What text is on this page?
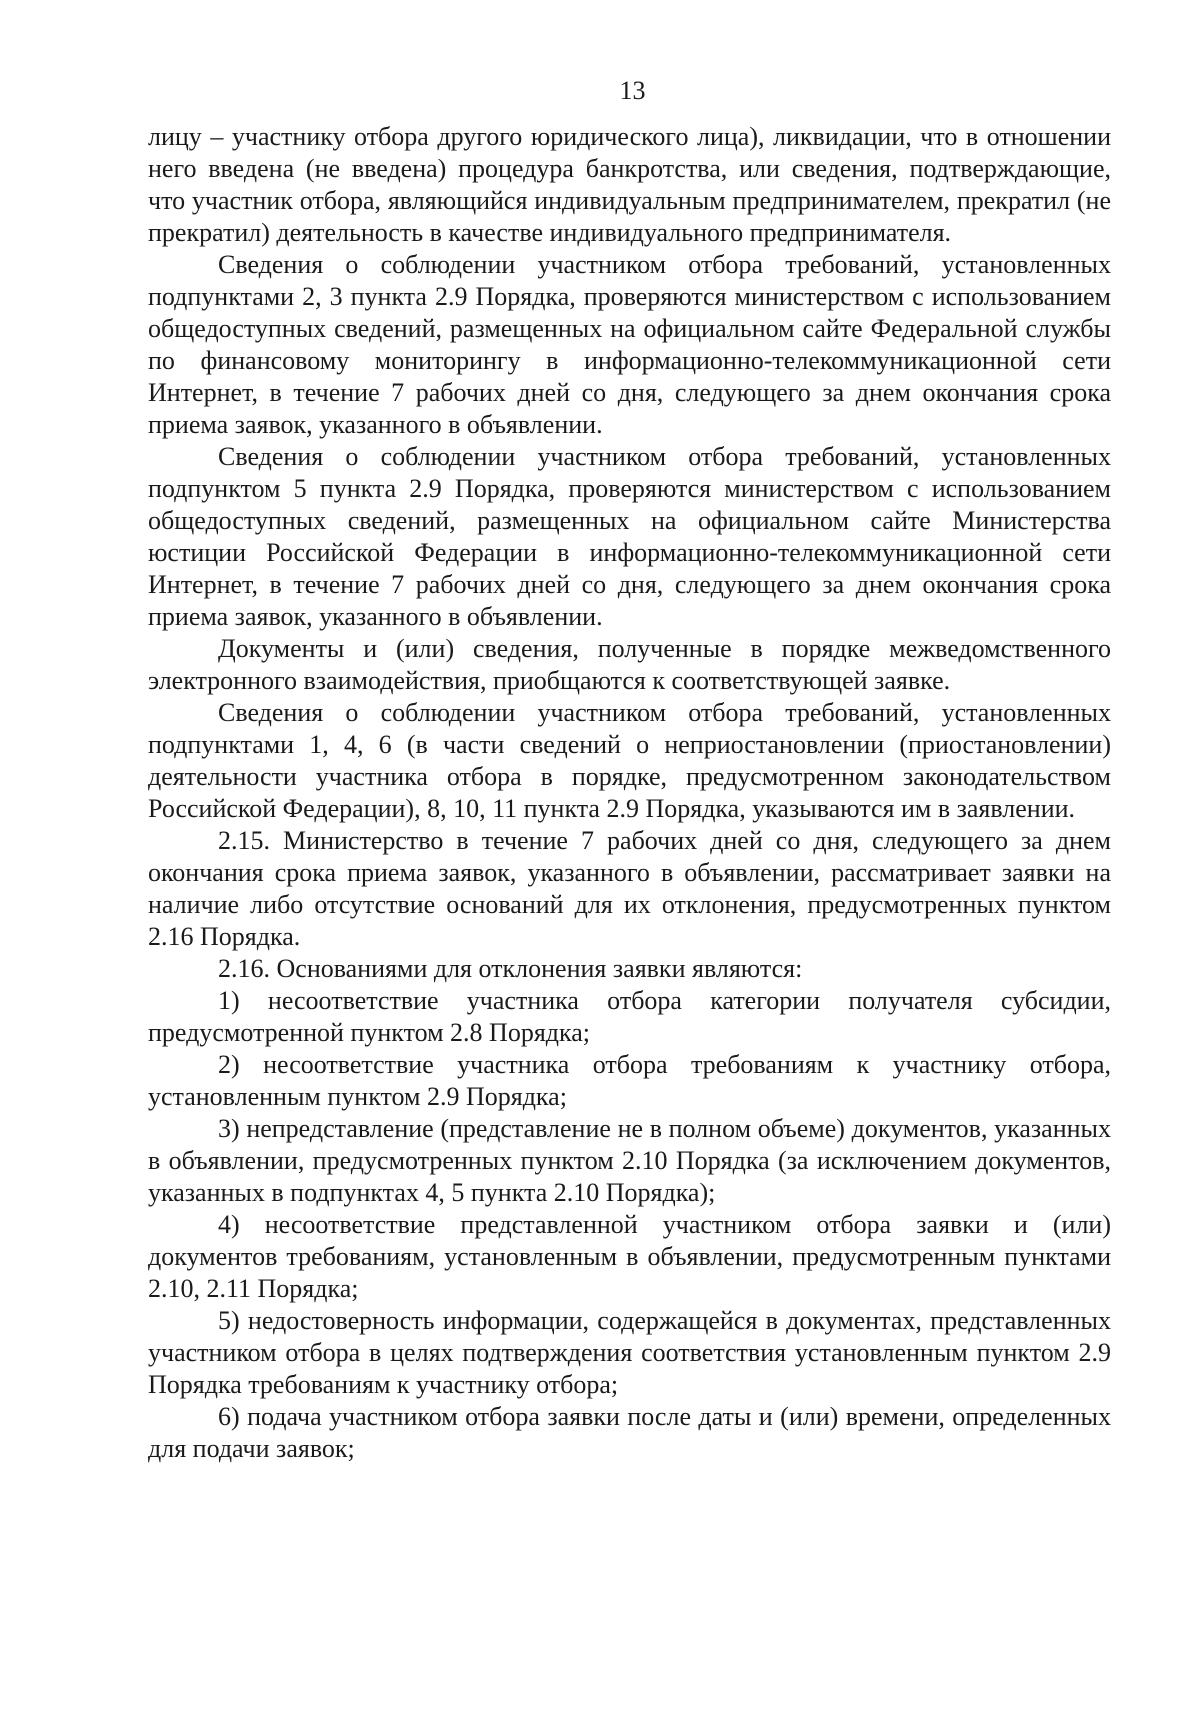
13

лицу – участнику отбора другого юридического лица), ликвидации, что в отношении него введена (не введена) процедура банкротства, или сведения, подтверждающие, что участник отбора, являющийся индивидуальным предпринимателем, прекратил (не прекратил) деятельность в качестве индивидуального предпринимателя.

Сведения о соблюдении участником отбора требований, установленных подпунктами 2, 3 пункта 2.9 Порядка, проверяются министерством с использованием общедоступных сведений, размещенных на официальном сайте Федеральной службы по финансовому мониторингу в информационно-телекоммуникационной сети Интернет, в течение 7 рабочих дней со дня, следующего за днем окончания срока приема заявок, указанного в объявлении.

Сведения о соблюдении участником отбора требований, установленных подпунктом 5 пункта 2.9 Порядка, проверяются министерством с использованием общедоступных сведений, размещенных на официальном сайте Министерства юстиции Российской Федерации в информационно-телекоммуникационной сети Интернет, в течение 7 рабочих дней со дня, следующего за днем окончания срока приема заявок, указанного в объявлении.

Документы и (или) сведения, полученные в порядке межведомственного электронного взаимодействия, приобщаются к соответствующей заявке.

Сведения о соблюдении участником отбора требований, установленных подпунктами 1, 4, 6 (в части сведений о неприостановлении (приостановлении) деятельности участника отбора в порядке, предусмотренном законодательством Российской Федерации), 8, 10, 11 пункта 2.9 Порядка, указываются им в заявлении.

2.15. Министерство в течение 7 рабочих дней со дня, следующего за днем окончания срока приема заявок, указанного в объявлении, рассматривает заявки на наличие либо отсутствие оснований для их отклонения, предусмотренных пунктом 2.16 Порядка.

2.16. Основаниями для отклонения заявки являются:

1) несоответствие участника отбора категории получателя субсидии, предусмотренной пунктом 2.8 Порядка;

2) несоответствие участника отбора требованиям к участнику отбора, установленным пунктом 2.9 Порядка;

3) непредставление (представление не в полном объеме) документов, указанных в объявлении, предусмотренных пунктом 2.10 Порядка (за исключением документов, указанных в подпунктах 4, 5 пункта 2.10 Порядка);

4) несоответствие представленной участником отбора заявки и (или) документов требованиям, установленным в объявлении, предусмотренным пунктами 2.10, 2.11 Порядка;

5) недостоверность информации, содержащейся в документах, представленных участником отбора в целях подтверждения соответствия установленным пунктом 2.9 Порядка требованиям к участнику отбора;

6) подача участником отбора заявки после даты и (или) времени, определенных для подачи заявок;
